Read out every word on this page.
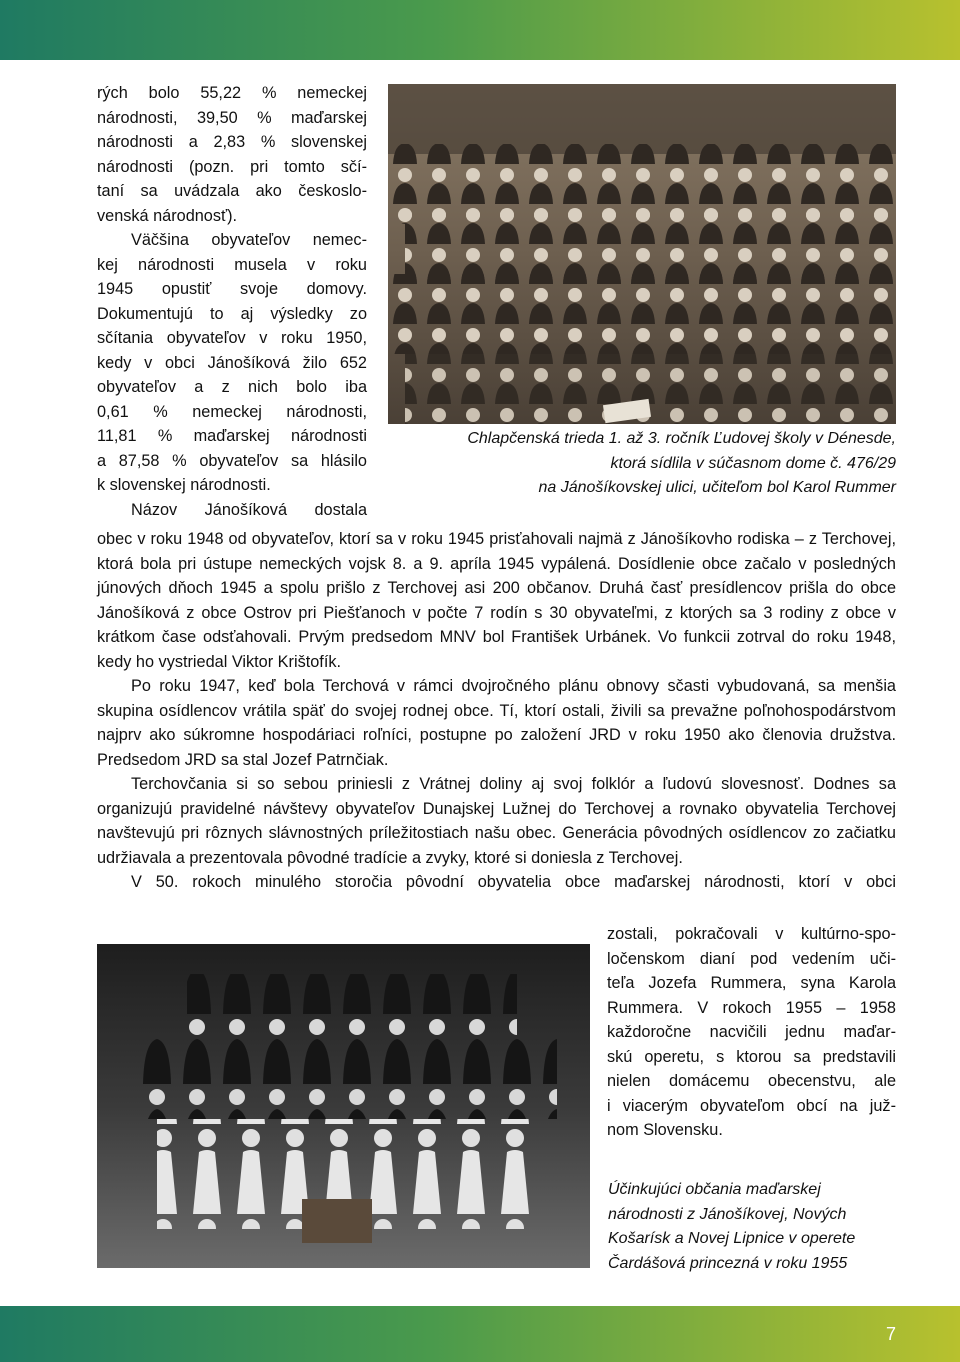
rých bolo 55,22 % nemeckej
národnosti, 39,50 % maďarskej
národnosti a 2,83 % slovenskej
národnosti (pozn. pri tomto sčí-
taní sa uvádzala ako českoslo-
venská národnosť).
Väčšina obyvateľov nemec-
kej národnosti musela v roku
1945 opustiť svoje domovy.
Dokumentujú to aj výsledky zo
sčítania obyvateľov v roku 1950,
kedy v obci Jánošíková žilo 652
obyvateľov a z nich bolo iba
0,61 % nemeckej národnosti,
11,81 % maďarskej národnosti
a 87,58 % obyvateľov sa hlásilo
k slovenskej národnosti.
Názov Jánošíková dostala
Chlapčenská trieda 1. až 3. ročník Ľudovej školy v Dénesde,
ktorá sídlila v súčasnom dome č. 476/29
na Jánošíkovskej ulici, učiteľom bol Karol Rummer

obec v roku 1948 od obyvateľov, ktorí sa v roku 1945 prisťahovali najmä z Jánošíkovho rodiska – z Terchovej, ktorá bola pri ústupe nemeckých vojsk 8. a 9. apríla 1945 vypálená. Dosídlenie obce začalo v posledných júnových dňoch 1945 a spolu prišlo z Terchovej asi 200 občanov. Druhá časť presídlencov prišla do obce Jánošíková z obce Ostrov pri Piešťanoch v počte 7 rodín s 30 obyvateľmi, z ktorých sa 3 rodiny z obce v krátkom čase odsťahovali. Prvým predsedom MNV bol František Urbánek. Vo funkcii zotrval do roku 1948, kedy ho vystriedal Viktor Krištofík.

Po roku 1947, keď bola Terchová v rámci dvojročného plánu obnovy sčasti vybudovaná, sa menšia skupina osídlencov vrátila späť do svojej rodnej obce. Tí, ktorí ostali, živili sa prevažne poľnohospodárstvom najprv ako súkromne hospodáriaci roľníci, postupne po založení JRD v roku 1950 ako členovia družstva. Predsedom JRD sa stal Jozef Patrnčiak.

Terchovčania si so sebou priniesli z Vrátnej doliny aj svoj folklór a ľudovú slovesnosť. Dodnes sa organizujú pravidelné návštevy obyvateľov Dunajskej Lužnej do Terchovej a rovnako obyvatelia Terchovej navštevujú pri rôznych slávnostných príležitostiach našu obec. Generácia pôvodných osídlencov zo začiatku udržiavala a prezentovala pôvodné tradície a zvyky, ktoré si doniesla z Terchovej.

V 50. rokoch minulého storočia pôvodní obyvatelia obce maďarskej národnosti, ktorí v obci

zostali, pokračovali v kultúrno-spo-
ločenskom dianí pod vedením uči-
teľa Jozefa Rummera, syna Karola
Rummera. V rokoch 1955 – 1958
každoročne nacvičili jednu maďar-
skú operetu, s ktorou sa predstavili
nielen domácemu obecenstvu, ale
i viacerým obyvateľom obcí na juž-
nom Slovensku.
Účinkujúci občania maďarskej
národnosti z Jánošíkovej, Nových
Košarísk a Novej Lipnice v operete
Čardášová princezná v roku 1955
7
